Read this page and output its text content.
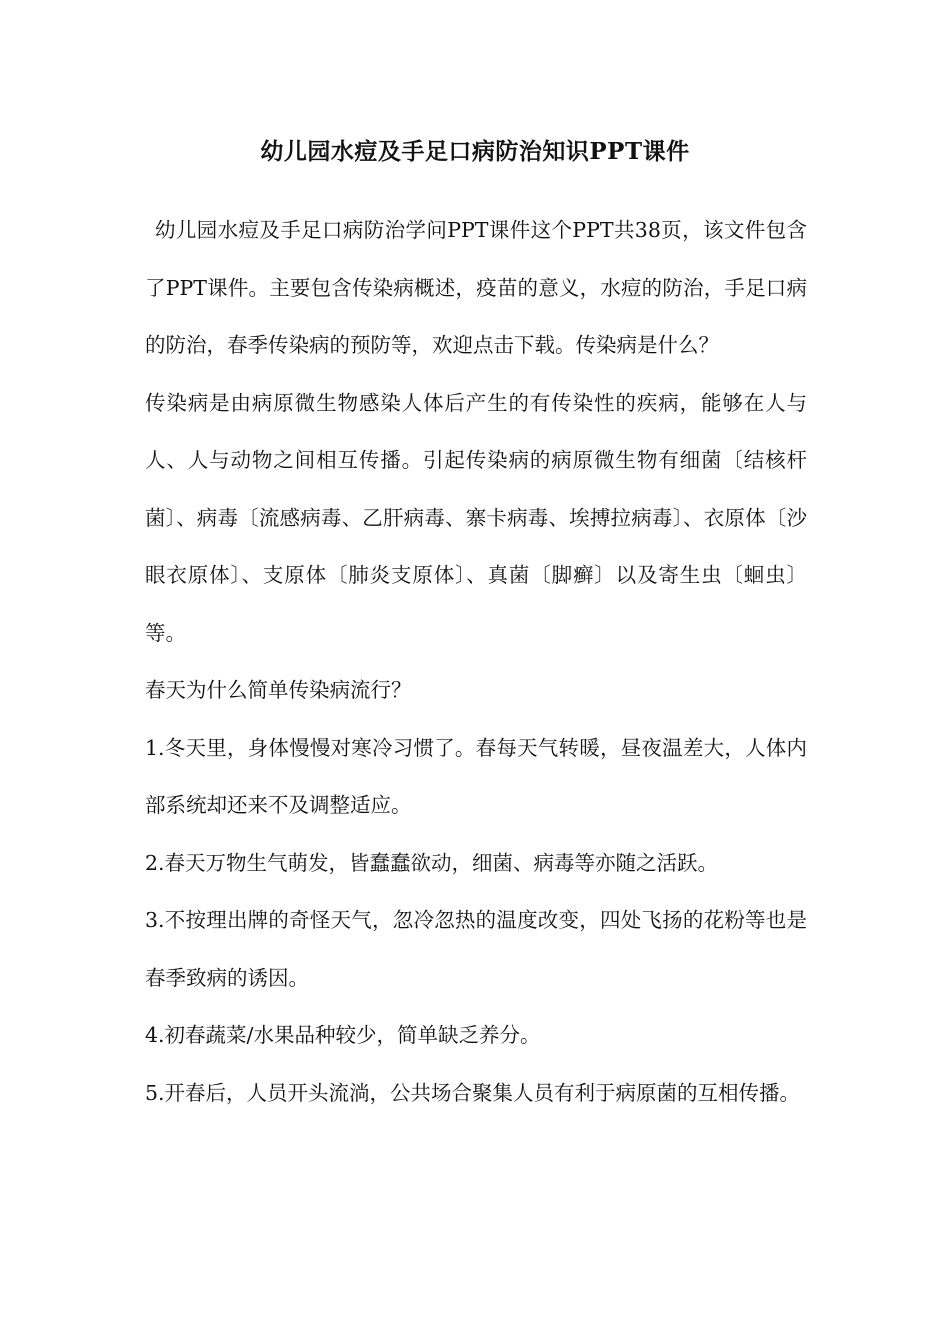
幼儿园水痘及手足口病防治知识PPT课件

幼儿园水痘及手足口病防治学问PPT课件这个PPT共38页，该文件包含了PPT课件。主要包含传染病概述，疫苗的意义，水痘的防治，手足口病的防治，春季传染病的预防等，欢迎点击下载。传染病是什么？

传染病是由病原微生物感染人体后产生的有传染性的疾病，能够在人与人、人与动物之间相互传播。引起传染病的病原微生物有细菌〔结核杆菌〕、病毒〔流感病毒、乙肝病毒、寨卡病毒、埃搏拉病毒〕、衣原体〔沙眼衣原体〕、支原体〔肺炎支原体〕、真菌〔脚癣〕以及寄生虫〔蛔虫〕等。

春天为什么简单传染病流行？

1.冬天里，身体慢慢对寒冷习惯了。春每天气转暖，昼夜温差大，人体内部系统却还来不及调整适应。

2.春天万物生气萌发，皆蠢蠢欲动，细菌、病毒等亦随之活跃。

3.不按理出牌的奇怪天气，忽冷忽热的温度改变，四处飞扬的花粉等也是春季致病的诱因。

4.初春蔬菜/水果品种较少，简单缺乏养分。

5.开春后，人员开头流淌，公共场合聚集人员有利于病原菌的互相传播。
